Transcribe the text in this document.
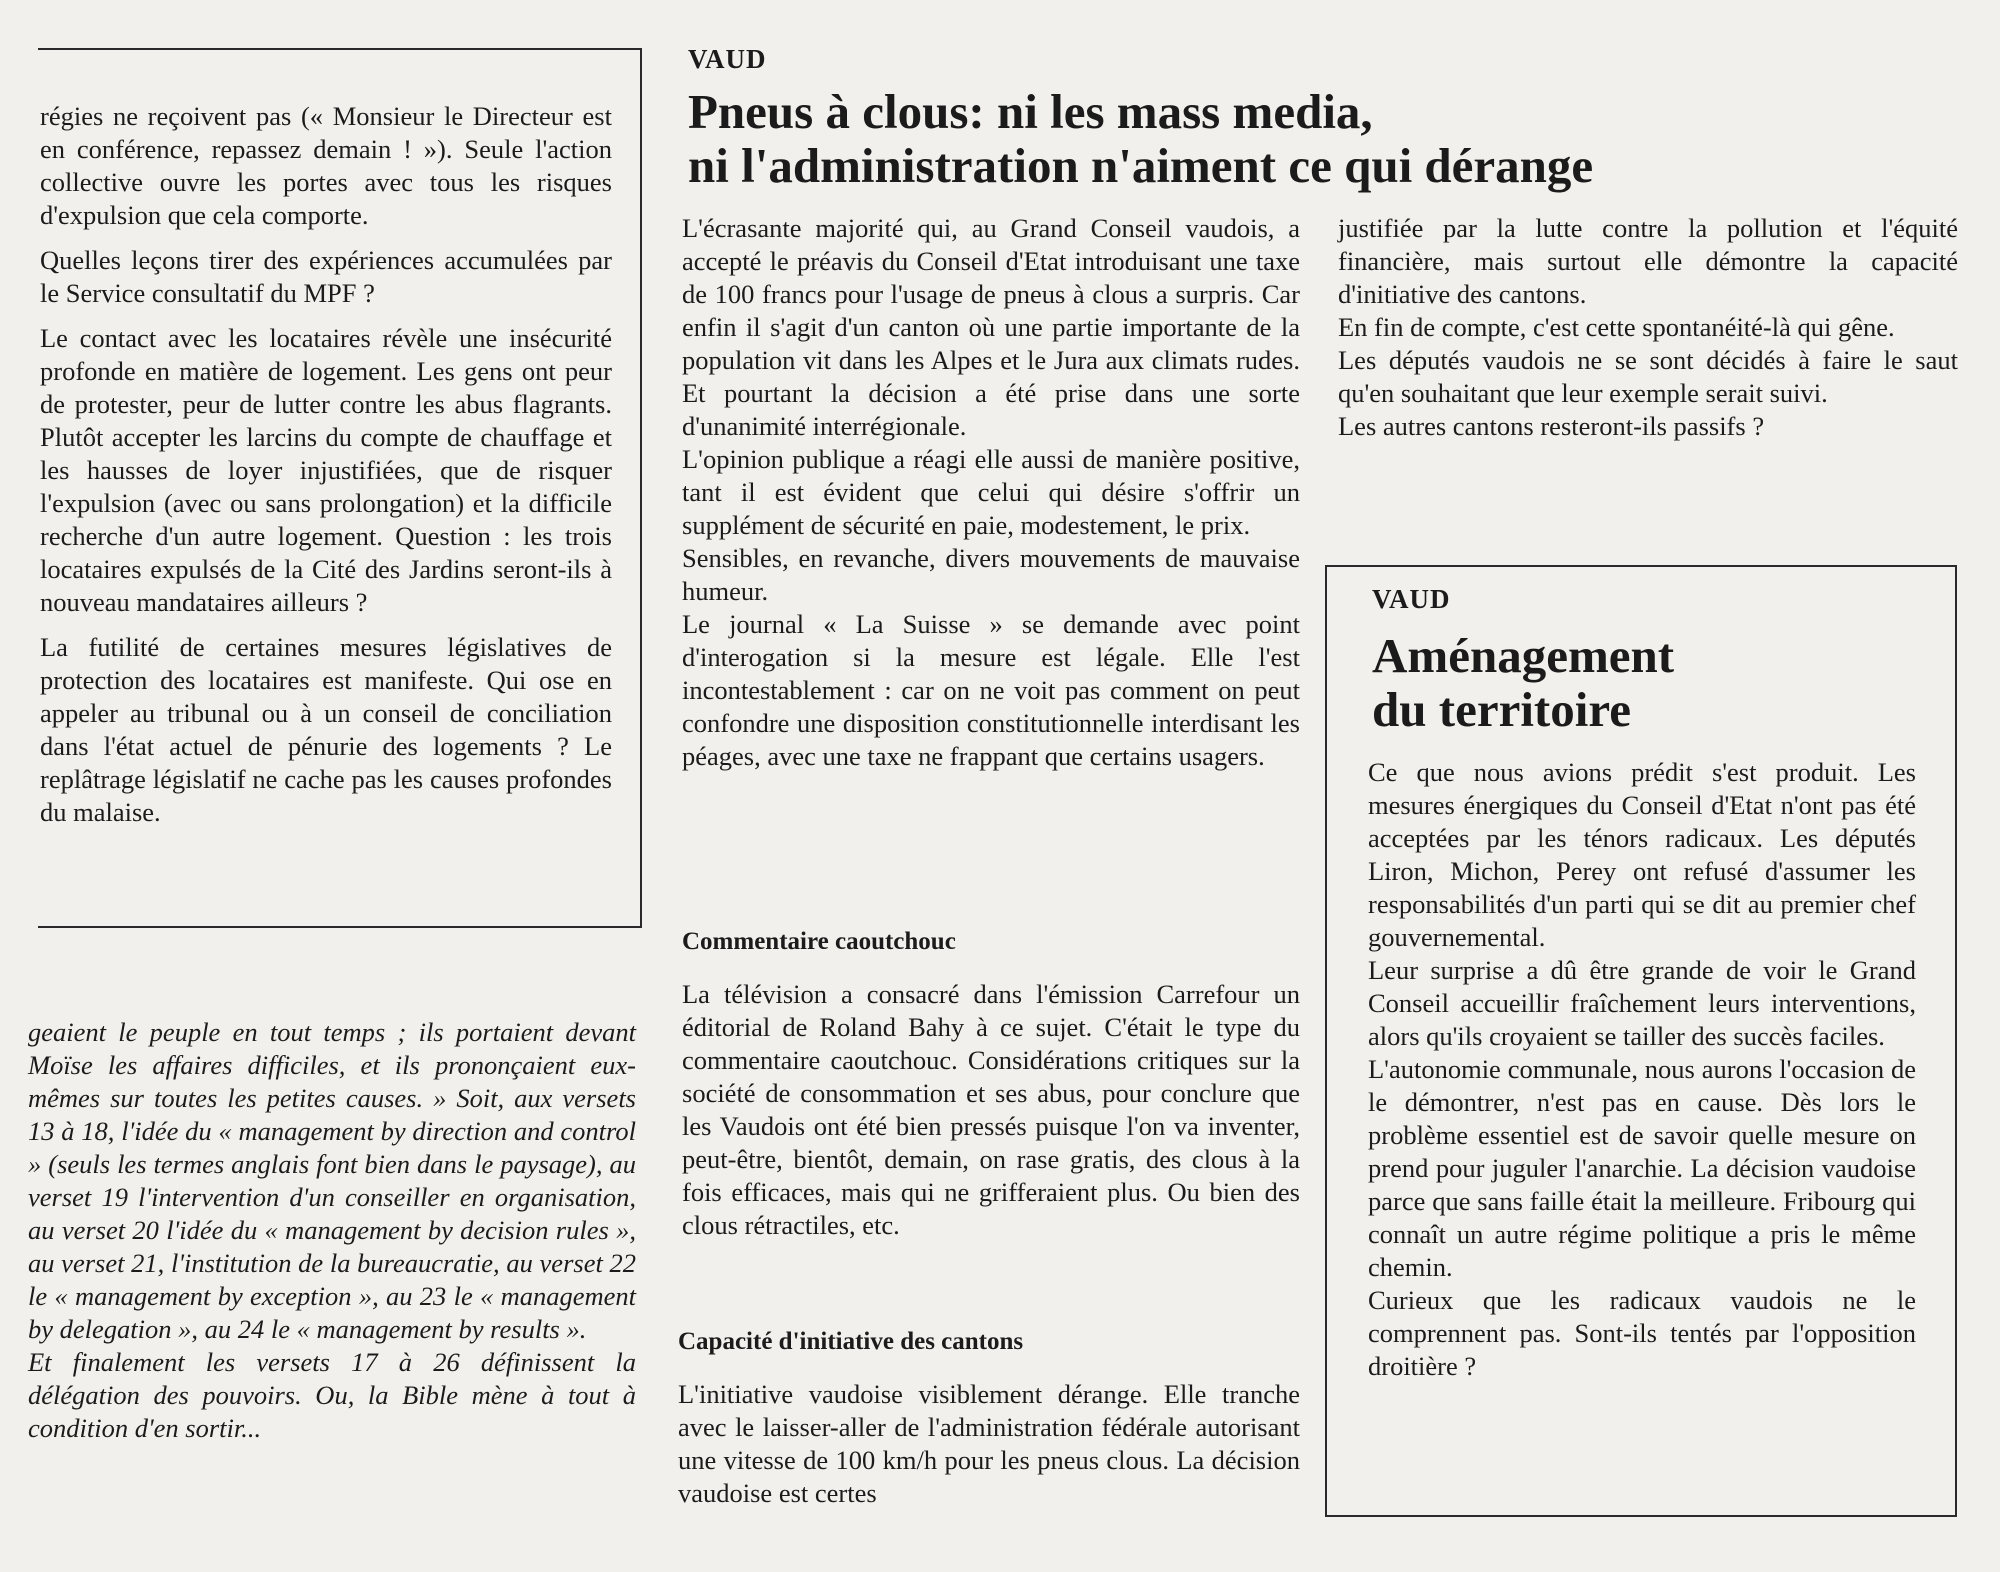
régies ne reçoivent pas (« Monsieur le Directeur est en conférence, repassez demain ! »). Seule l'action collective ouvre les portes avec tous les risques d'expulsion que cela comporte.

Quelles leçons tirer des expériences accumulées par le Service consultatif du MPF ?

Le contact avec les locataires révèle une insécurité profonde en matière de logement. Les gens ont peur de protester, peur de lutter contre les abus flagrants. Plutôt accepter les larcins du compte de chauffage et les hausses de loyer injustifiées, que de risquer l'expulsion (avec ou sans prolongation) et la difficile recherche d'un autre logement. Question : les trois locataires expulsés de la Cité des Jardins seront-ils à nouveau mandataires ailleurs ?

La futilité de certaines mesures législatives de protection des locataires est manifeste. Qui ose en appeler au tribunal ou à un conseil de conciliation dans l'état actuel de pénurie des logements ? Le replâtrage législatif ne cache pas les causes profondes du malaise.

geaient le peuple en tout temps ; ils portaient devant Moïse les affaires difficiles, et ils prononçaient eux-mêmes sur toutes les petites causes. » Soit, aux versets 13 à 18, l'idée du « management by direction and control » (seuls les termes anglais font bien dans le paysage), au verset 19 l'intervention d'un conseiller en organisation, au verset 20 l'idée du « management by decision rules », au verset 21, l'institution de la bureaucratie, au verset 22 le « management by exception », au 23 le « management by delegation », au 24 le « management by results ».

Et finalement les versets 17 à 26 définissent la délégation des pouvoirs. Ou, la Bible mène à tout à condition d'en sortir...

VAUD

Pneus à clous: ni les mass media,

ni l'administration n'aiment ce qui dérange

L'écrasante majorité qui, au Grand Conseil vaudois, a accepté le préavis du Conseil d'Etat introduisant une taxe de 100 francs pour l'usage de pneus à clous a surpris. Car enfin il s'agit d'un canton où une partie importante de la population vit dans les Alpes et le Jura aux climats rudes. Et pourtant la décision a été prise dans une sorte d'unanimité interrégionale.

L'opinion publique a réagi elle aussi de manière positive, tant il est évident que celui qui désire s'offrir un supplément de sécurité en paie, modestement, le prix.

Sensibles, en revanche, divers mouvements de mauvaise humeur.

Le journal « La Suisse » se demande avec point d'interogation si la mesure est légale. Elle l'est incontestablement : car on ne voit pas comment on peut confondre une disposition constitutionnelle interdisant les péages, avec une taxe ne frappant que certains usagers.

Commentaire caoutchouc

La télévision a consacré dans l'émission Carrefour un éditorial de Roland Bahy à ce sujet. C'était le type du commentaire caoutchouc. Considérations critiques sur la société de consommation et ses abus, pour conclure que les Vaudois ont été bien pressés puisque l'on va inventer, peut-être, bientôt, demain, on rase gratis, des clous à la fois efficaces, mais qui ne grifferaient plus. Ou bien des clous rétractiles, etc.

Capacité d'initiative des cantons

L'initiative vaudoise visiblement dérange. Elle tranche avec le laisser-aller de l'administration fédérale autorisant une vitesse de 100 km/h pour les pneus clous. La décision vaudoise est certes

justifiée par la lutte contre la pollution et l'équité financière, mais surtout elle démontre la capacité d'initiative des cantons.

En fin de compte, c'est cette spontanéité-là qui gêne.

Les députés vaudois ne se sont décidés à faire le saut qu'en souhaitant que leur exemple serait suivi.

Les autres cantons resteront-ils passifs ?

VAUD

Aménagement

du territoire

Ce que nous avions prédit s'est produit. Les mesures énergiques du Conseil d'Etat n'ont pas été acceptées par les ténors radicaux. Les députés Liron, Michon, Perey ont refusé d'assumer les responsabilités d'un parti qui se dit au premier chef gouvernemental.

Leur surprise a dû être grande de voir le Grand Conseil accueillir fraîchement leurs interventions, alors qu'ils croyaient se tailler des succès faciles.

L'autonomie communale, nous aurons l'occasion de le démontrer, n'est pas en cause. Dès lors le problème essentiel est de savoir quelle mesure on prend pour juguler l'anarchie. La décision vaudoise parce que sans faille était la meilleure. Fribourg qui connaît un autre régime politique a pris le même chemin.

Curieux que les radicaux vaudois ne le comprennent pas. Sont-ils tentés par l'opposition droitière ?
